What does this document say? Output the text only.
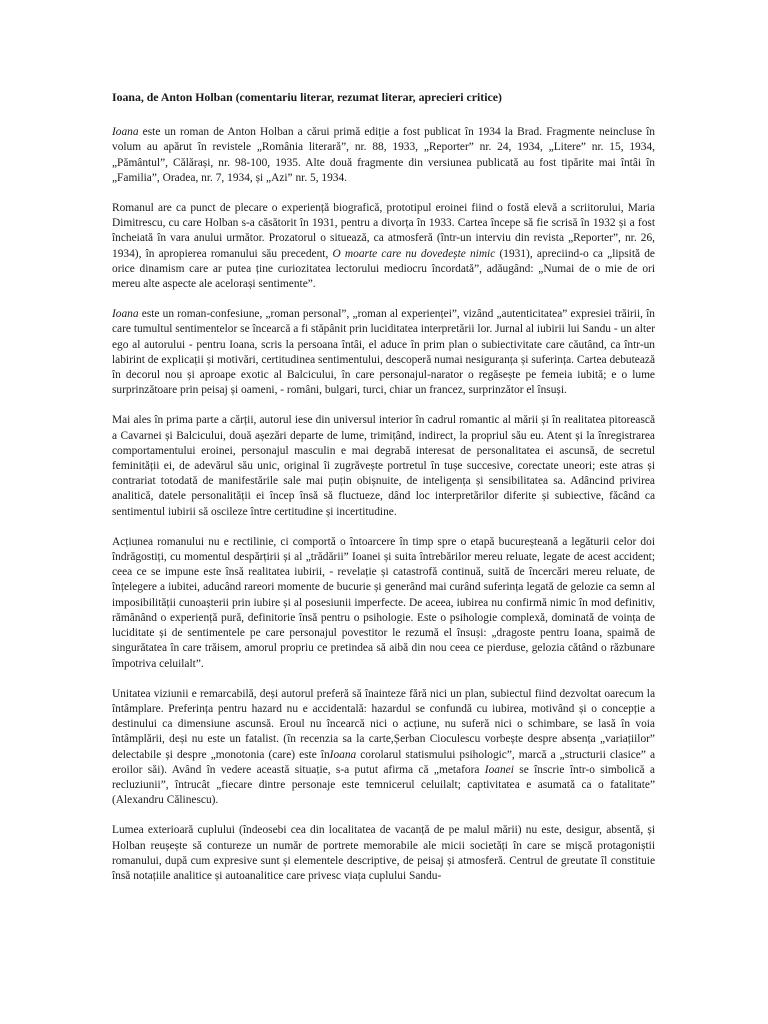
Ioana, de Anton Holban (comentariu literar, rezumat literar, aprecieri critice)

Ioana este un roman de Anton Holban a cărui primă ediție a fost publicat în 1934 la Brad. Fragmente neincluse în volum au apărut în revistele „România literară”, nr. 88, 1933, „Reporter” nr. 24, 1934, „Litere” nr. 15, 1934, „Pământul”, Călărași, nr. 98-100, 1935. Alte două fragmente din versiunea publicată au fost tipărite mai întâi în „Familia”, Oradea, nr. 7, 1934, și „Azi” nr. 5, 1934.

Romanul are ca punct de plecare o experiență biografică, prototipul eroinei fiind o fostă elevă a scriitorului, Maria Dimitrescu, cu care Holban s-a căsătorit în 1931, pentru a divorța în 1933. Cartea începe să fie scrisă în 1932 și a fost încheiată în vara anului următor. Prozatorul o situează, ca atmosferă (într-un interviu din revista „Reporter”, nr. 26, 1934), în apropierea romanului său precedent, O moarte care nu dovedește nimic (1931), apreciind-o ca „lipsită de orice dinamism care ar putea ține curiozitatea lectorului mediocru încordată”, adăugând: „Numai de o mie de ori mereu alte aspecte ale acelorași sentimente”.

Ioana este un roman-confesiune, „roman personal”, „roman al experienței”, vizând „autenticitatea” expresiei trăirii, în care tumultul sentimentelor se încearcă a fi stăpânit prin luciditatea interpretării lor. Jurnal al iubirii lui Sandu - un alter ego al autorului - pentru Ioana, scris la persoana întâi, el aduce în prim plan o subiectivitate care căutând, ca într-un labirint de explicații și motivări, certitudinea sentimentului, descoperă numai nesiguranța și suferința. Cartea debutează în decorul nou și aproape exotic al Balcicului, în care personajul-narator o regăsește pe femeia iubită; e o lume surprinzătoare prin peisaj și oameni, - români, bulgari, turci, chiar un francez, surprinzător el însuși.

Mai ales în prima parte a cărții, autorul iese din universul interior în cadrul romantic al mării și în realitatea pitorească a Cavarnei și Balcicului, două așezări departe de lume, trimițând, indirect, la propriul său eu. Atent și la înregistrarea comportamentului eroinei, personajul masculin e mai degrabă interesat de personalitatea ei ascunsă, de secretul feminității ei, de adevărul său unic, original îi zugrăvește portretul în tușe succesive, corectate uneori; este atras și contrariat totodată de manifestările sale mai puțin obișnuite, de inteligența și sensibilitatea sa. Adâncind privirea analitică, datele personalității ei încep însă să fluctueze, dând loc interpretărilor diferite și subiective, făcând ca sentimentul iubirii să oscileze între certitudine și incertitudine.

Acțiunea romanului nu e rectilinie, ci comportă o întoarcere în timp spre o etapă bucureșteană a legăturii celor doi îndrăgostiți, cu momentul despărțirii și al „trădării” Ioanei și suita întrebărilor mereu reluate, legate de acest accident; ceea ce se impune este însă realitatea iubirii, - revelație și catastrofă continuă, suită de încercări mereu reluate, de înțelegere a iubitei, aducând rareori momente de bucurie și generând mai curând suferința legată de gelozie ca semn al imposibilității cunoașterii prin iubire și al posesiunii imperfecte. De aceea, iubirea nu confirmă nimic în mod definitiv, rămânând o experiență pură, definitorie însă pentru o psihologie. Este o psihologie complexă, dominată de voința de luciditate și de sentimentele pe care personajul povestitor le rezumă el însuși: „dragoste pentru Ioana, spaimă de singurătatea în care trăisem, amorul propriu ce pretindea să aibă din nou ceea ce pierduse, gelozia cătând o răzbunare împotriva celuilalt”.

Unitatea viziunii e remarcabilă, deși autorul preferă să înainteze fără nici un plan, subiectul fiind dezvoltat oarecum la întâmplare. Preferința pentru hazard nu e accidentală: hazardul se confundă cu iubirea, motivând și o concepție a destinului ca dimensiune ascunsă. Eroul nu încearcă nici o acțiune, nu suferă nici o schimbare, se lasă în voia întâmplării, deși nu este un fatalist. (în recenzia sa la carte,Șerban Cioculescu vorbește despre absența „variațiilor” delectabile și despre „monotonia (care) este înIoana corolarul statismului psihologic”, marcă a „structurii clasice” a eroilor săi). Având în vedere această situație, s-a putut afirma că „metafora Ioanei se înscrie într-o simbolică a recluziunii”, întrucât „fiecare dintre personaje este temnicerul celuilalt; captivitatea e asumată ca o fatalitate” (Alexandru Călinescu).

Lumea exterioară cuplului (îndeosebi cea din localitatea de vacanță de pe malul mării) nu este, desigur, absentă, și Holban reușește să contureze un număr de portrete memorabile ale micii societăți în care se mișcă protagoniștii romanului, după cum expresive sunt și elementele descriptive, de peisaj și atmosferă. Centrul de greutate îl constituie însă notațiile analitice și autoanalitice care privesc viața cuplului Sandu-
